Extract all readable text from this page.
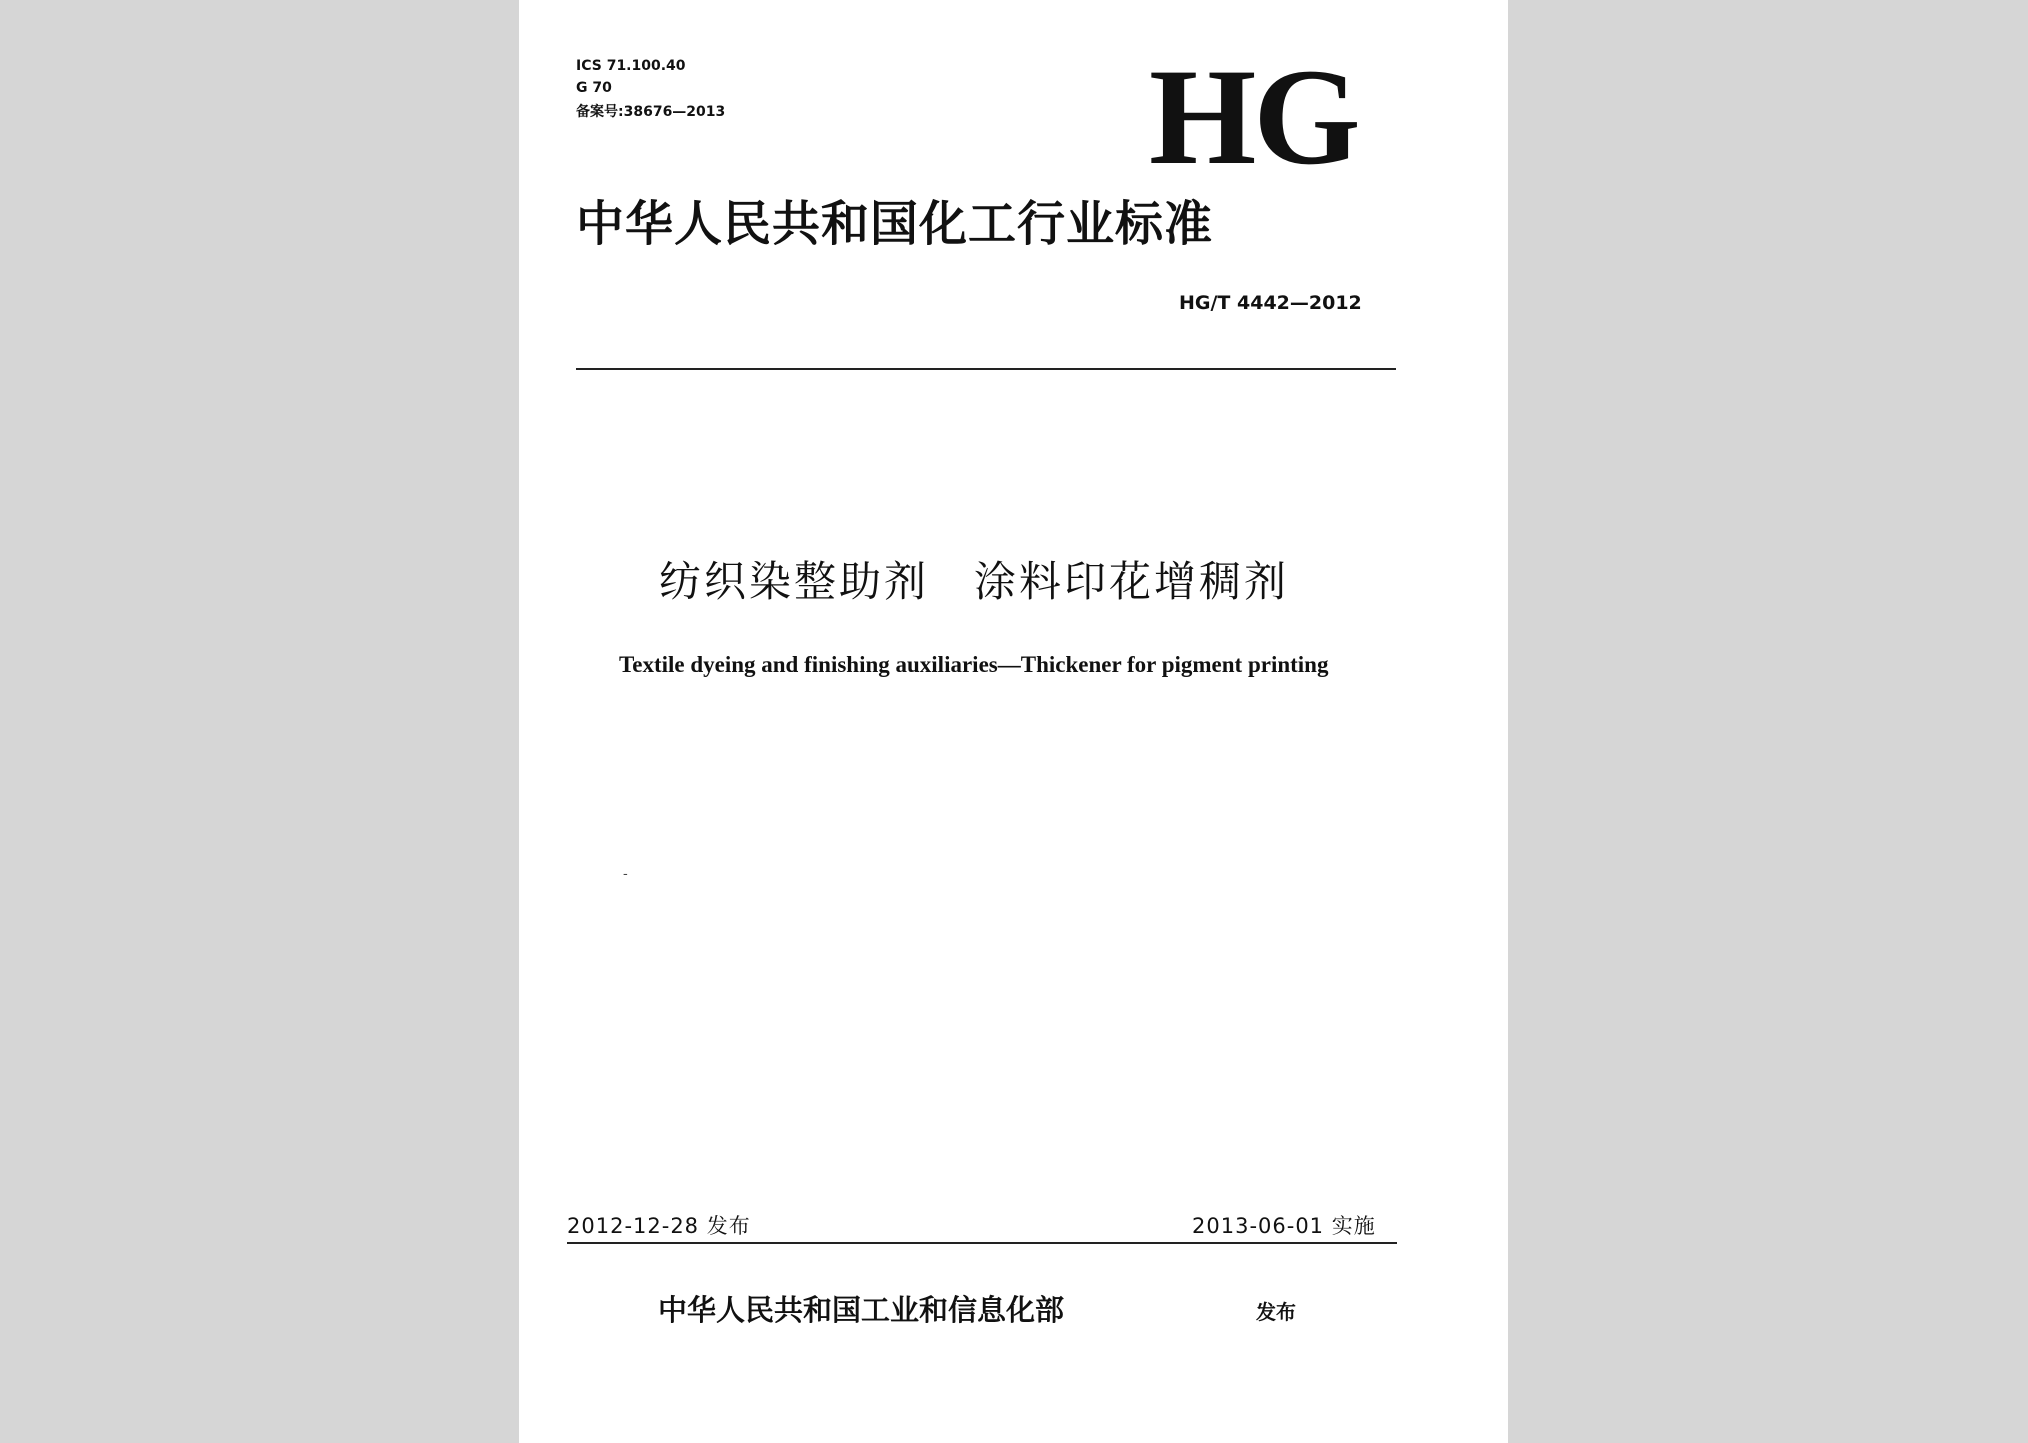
ICS 71.100.40
G 70
备案号:38676—2013	HG
中华人民共和国化工行业标准
HG/T 4442—2012
纺织染整助剂　涂料印花增稠剂
Textile dyeing and finishing auxiliaries—Thickener for pigment printing
-
2012-12-28 发布	2013-06-01 实施
中华人民共和国工业和信息化部	发布
